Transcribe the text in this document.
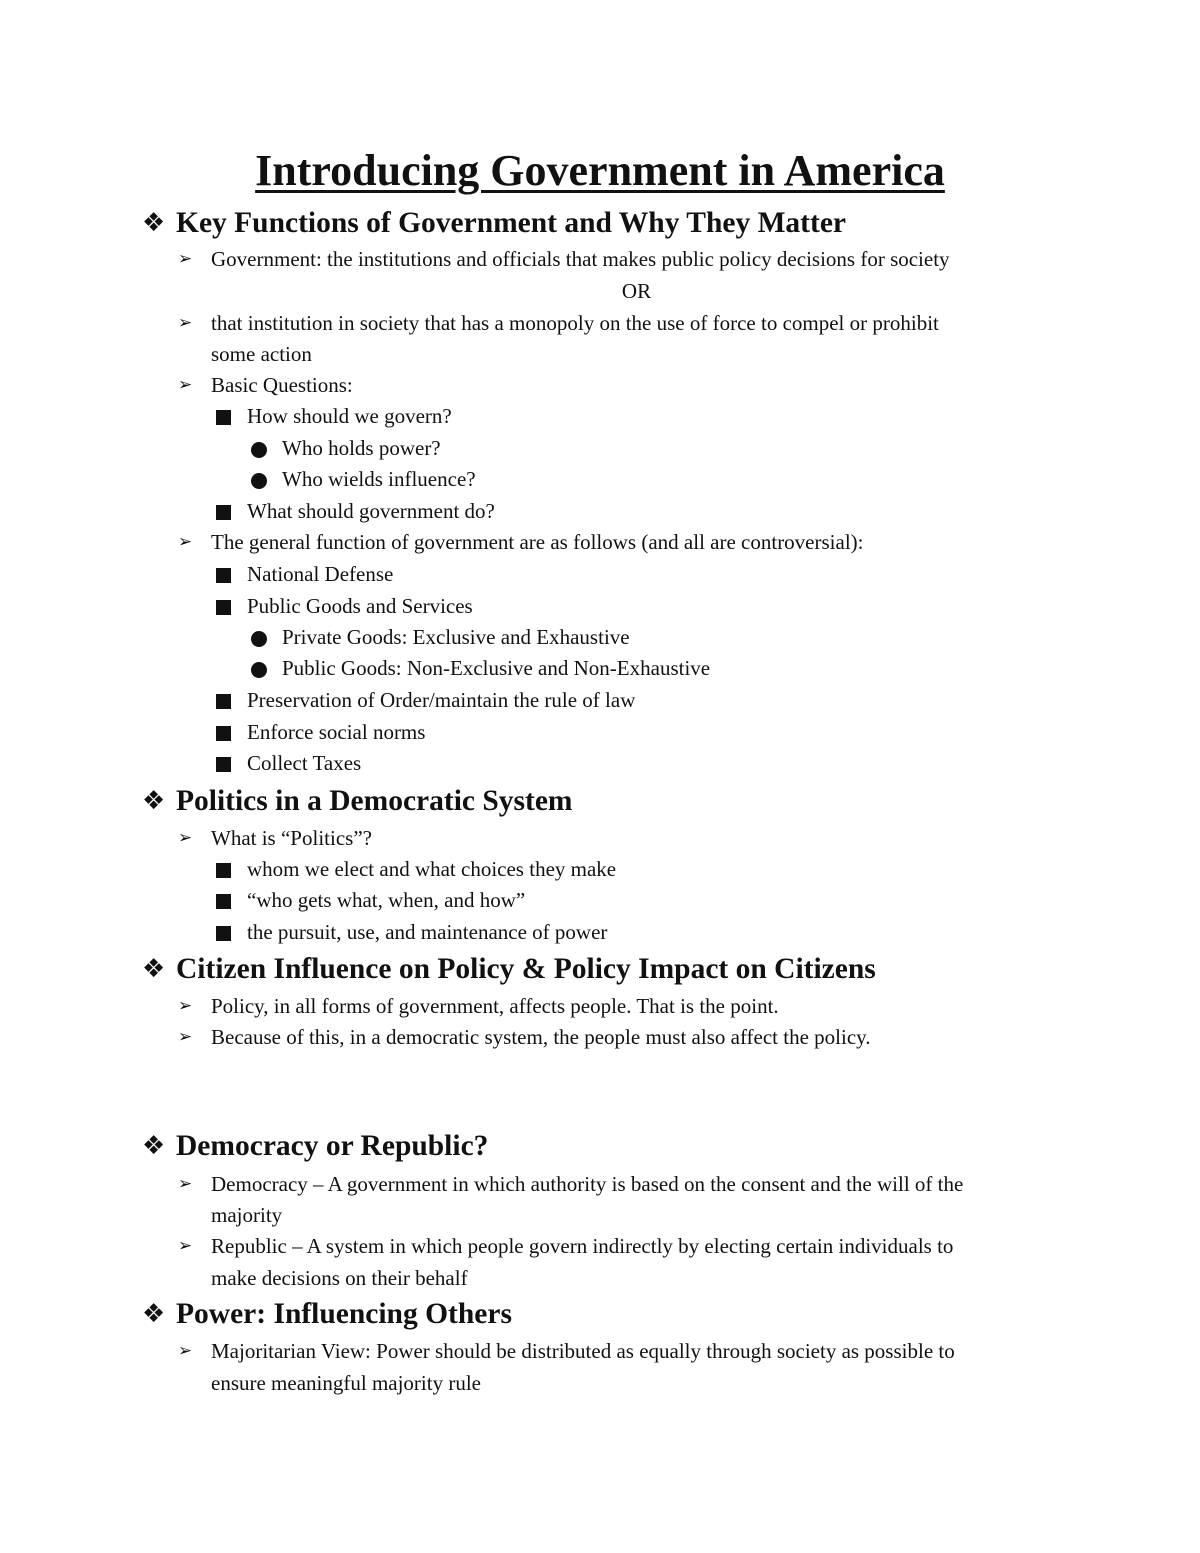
Introducing Government in America
❖ Key Functions of Government and Why They Matter
➢ Government: the institutions and officials that makes public policy decisions for society
OR
➢ that institution in society that has a monopoly on the use of force to compel or prohibit
some action
➢ Basic Questions:
How should we govern?
Who holds power?
Who wields influence?
What should government do?
➢ The general function of government are as follows (and all are controversial):
National Defense
Public Goods and Services
Private Goods: Exclusive and Exhaustive
Public Goods: Non-Exclusive and Non-Exhaustive
Preservation of Order/maintain the rule of law
Enforce social norms
Collect Taxes
❖ Politics in a Democratic System
➢ What is “Politics”?
whom we elect and what choices they make
“who gets what, when, and how”
the pursuit, use, and maintenance of power
❖ Citizen Influence on Policy & Policy Impact on Citizens
➢ Policy, in all forms of government, affects people. That is the point.
➢ Because of this, in a democratic system, the people must also affect the policy.
❖ Democracy or Republic?
➢ Democracy – A government in which authority is based on the consent and the will of the
majority
➢ Republic – A system in which people govern indirectly by electing certain individuals to
make decisions on their behalf
❖ Power: Influencing Others
➢ Majoritarian View: Power should be distributed as equally through society as possible to
ensure meaningful majority rule
